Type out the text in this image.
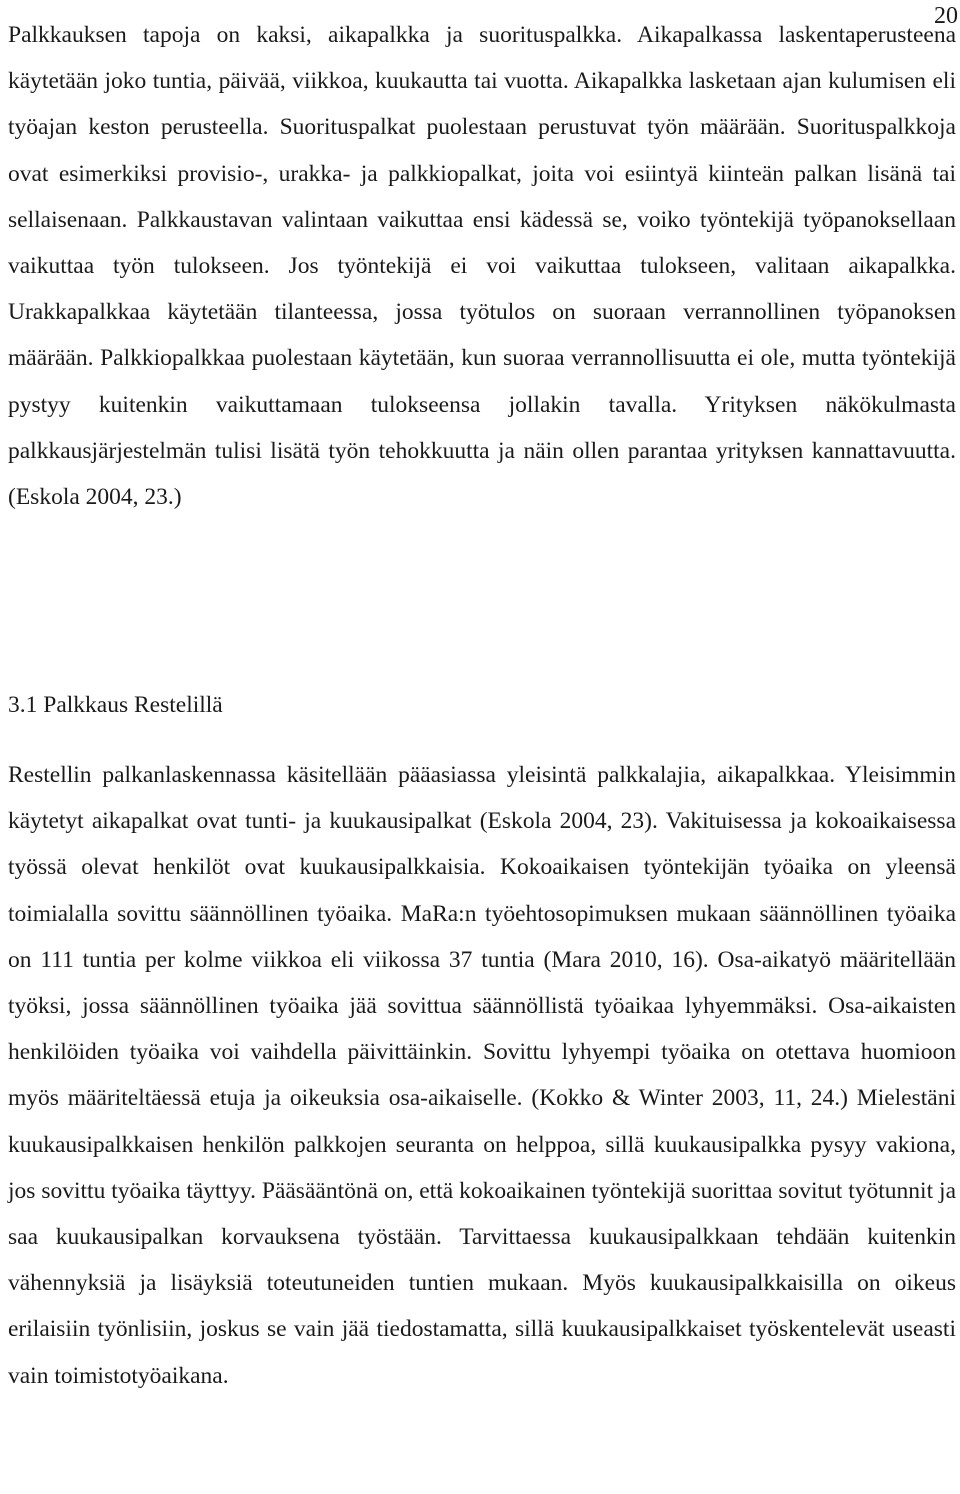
20

Palkkauksen tapoja on kaksi, aikapalkka ja suorituspalkka. Aikapalkassa laskentaperusteena käytetään joko tuntia, päivää, viikkoa, kuukautta tai vuotta. Aikapalkka lasketaan ajan kulumisen eli työajan keston perusteella. Suorituspalkat puolestaan perustuvat työn määrään. Suorituspalkkoja ovat esimerkiksi provisio-, urakka- ja palkkiopalkat, joita voi esiintyä kiinteän palkan lisänä tai sellaisenaan. Palkkaustavan valintaan vaikuttaa ensi kädessä se, voiko työntekijä työpanoksellaan vaikuttaa työn tulokseen. Jos työntekijä ei voi vaikuttaa tulokseen, valitaan aikapalkka. Urakkapalkkaa käytetään tilanteessa, jossa työtulos on suoraan verrannollinen työpanoksen määrään. Palkkiopalkkaa puolestaan käytetään, kun suoraa verrannollisuutta ei ole, mutta työntekijä pystyy kuitenkin vaikuttamaan tulokseensa jollakin tavalla. Yrityksen näkökulmasta palkkausjärjestelmän tulisi lisätä työn tehokkuutta ja näin ollen parantaa yrityksen kannattavuutta. (Eskola 2004, 23.)

3.1 Palkkaus Restelillä

Restellin palkanlaskennassa käsitellään pääasiassa yleisintä palkkalajia, aikapalkkaa. Yleisimmin käytetyt aikapalkat ovat tunti- ja kuukausipalkat (Eskola 2004, 23). Vakituisessa ja kokoaikaisessa työssä olevat henkilöt ovat kuukausipalkkaisia. Kokoaikaisen työntekijän työaika on yleensä toimialalla sovittu säännöllinen työaika. MaRa:n työehtosopimuksen mukaan säännöllinen työaika on 111 tuntia per kolme viikkoa eli viikossa 37 tuntia (Mara 2010, 16). Osa-aikatyö määritellään työksi, jossa säännöllinen työaika jää sovittua säännöllistä työaikaa lyhyemmäksi. Osa-aikaisten henkilöiden työaika voi vaihdella päivittäinkin. Sovittu lyhyempi työaika on otettava huomioon myös määriteltäessä etuja ja oikeuksia osa-aikaiselle. (Kokko & Winter 2003, 11, 24.) Mielestäni kuukausipalkkaisen henkilön palkkojen seuranta on helppoa, sillä kuukausipalkka pysyy vakiona, jos sovittu työaika täyttyy. Pääsääntönä on, että kokoaikainen työntekijä suorittaa sovitut työtunnit ja saa kuukausipalkan korvauksena työstään. Tarvittaessa kuukausipalkkaan tehdään kuitenkin vähennyksiä ja lisäyksiä toteutuneiden tuntien mukaan. Myös kuukausipalkkaisilla on oikeus erilaisiin työnlisiin, joskus se vain jää tiedostamatta, sillä kuukausipalkkaiset työskentelevät useasti vain toimistotyöaikana.
